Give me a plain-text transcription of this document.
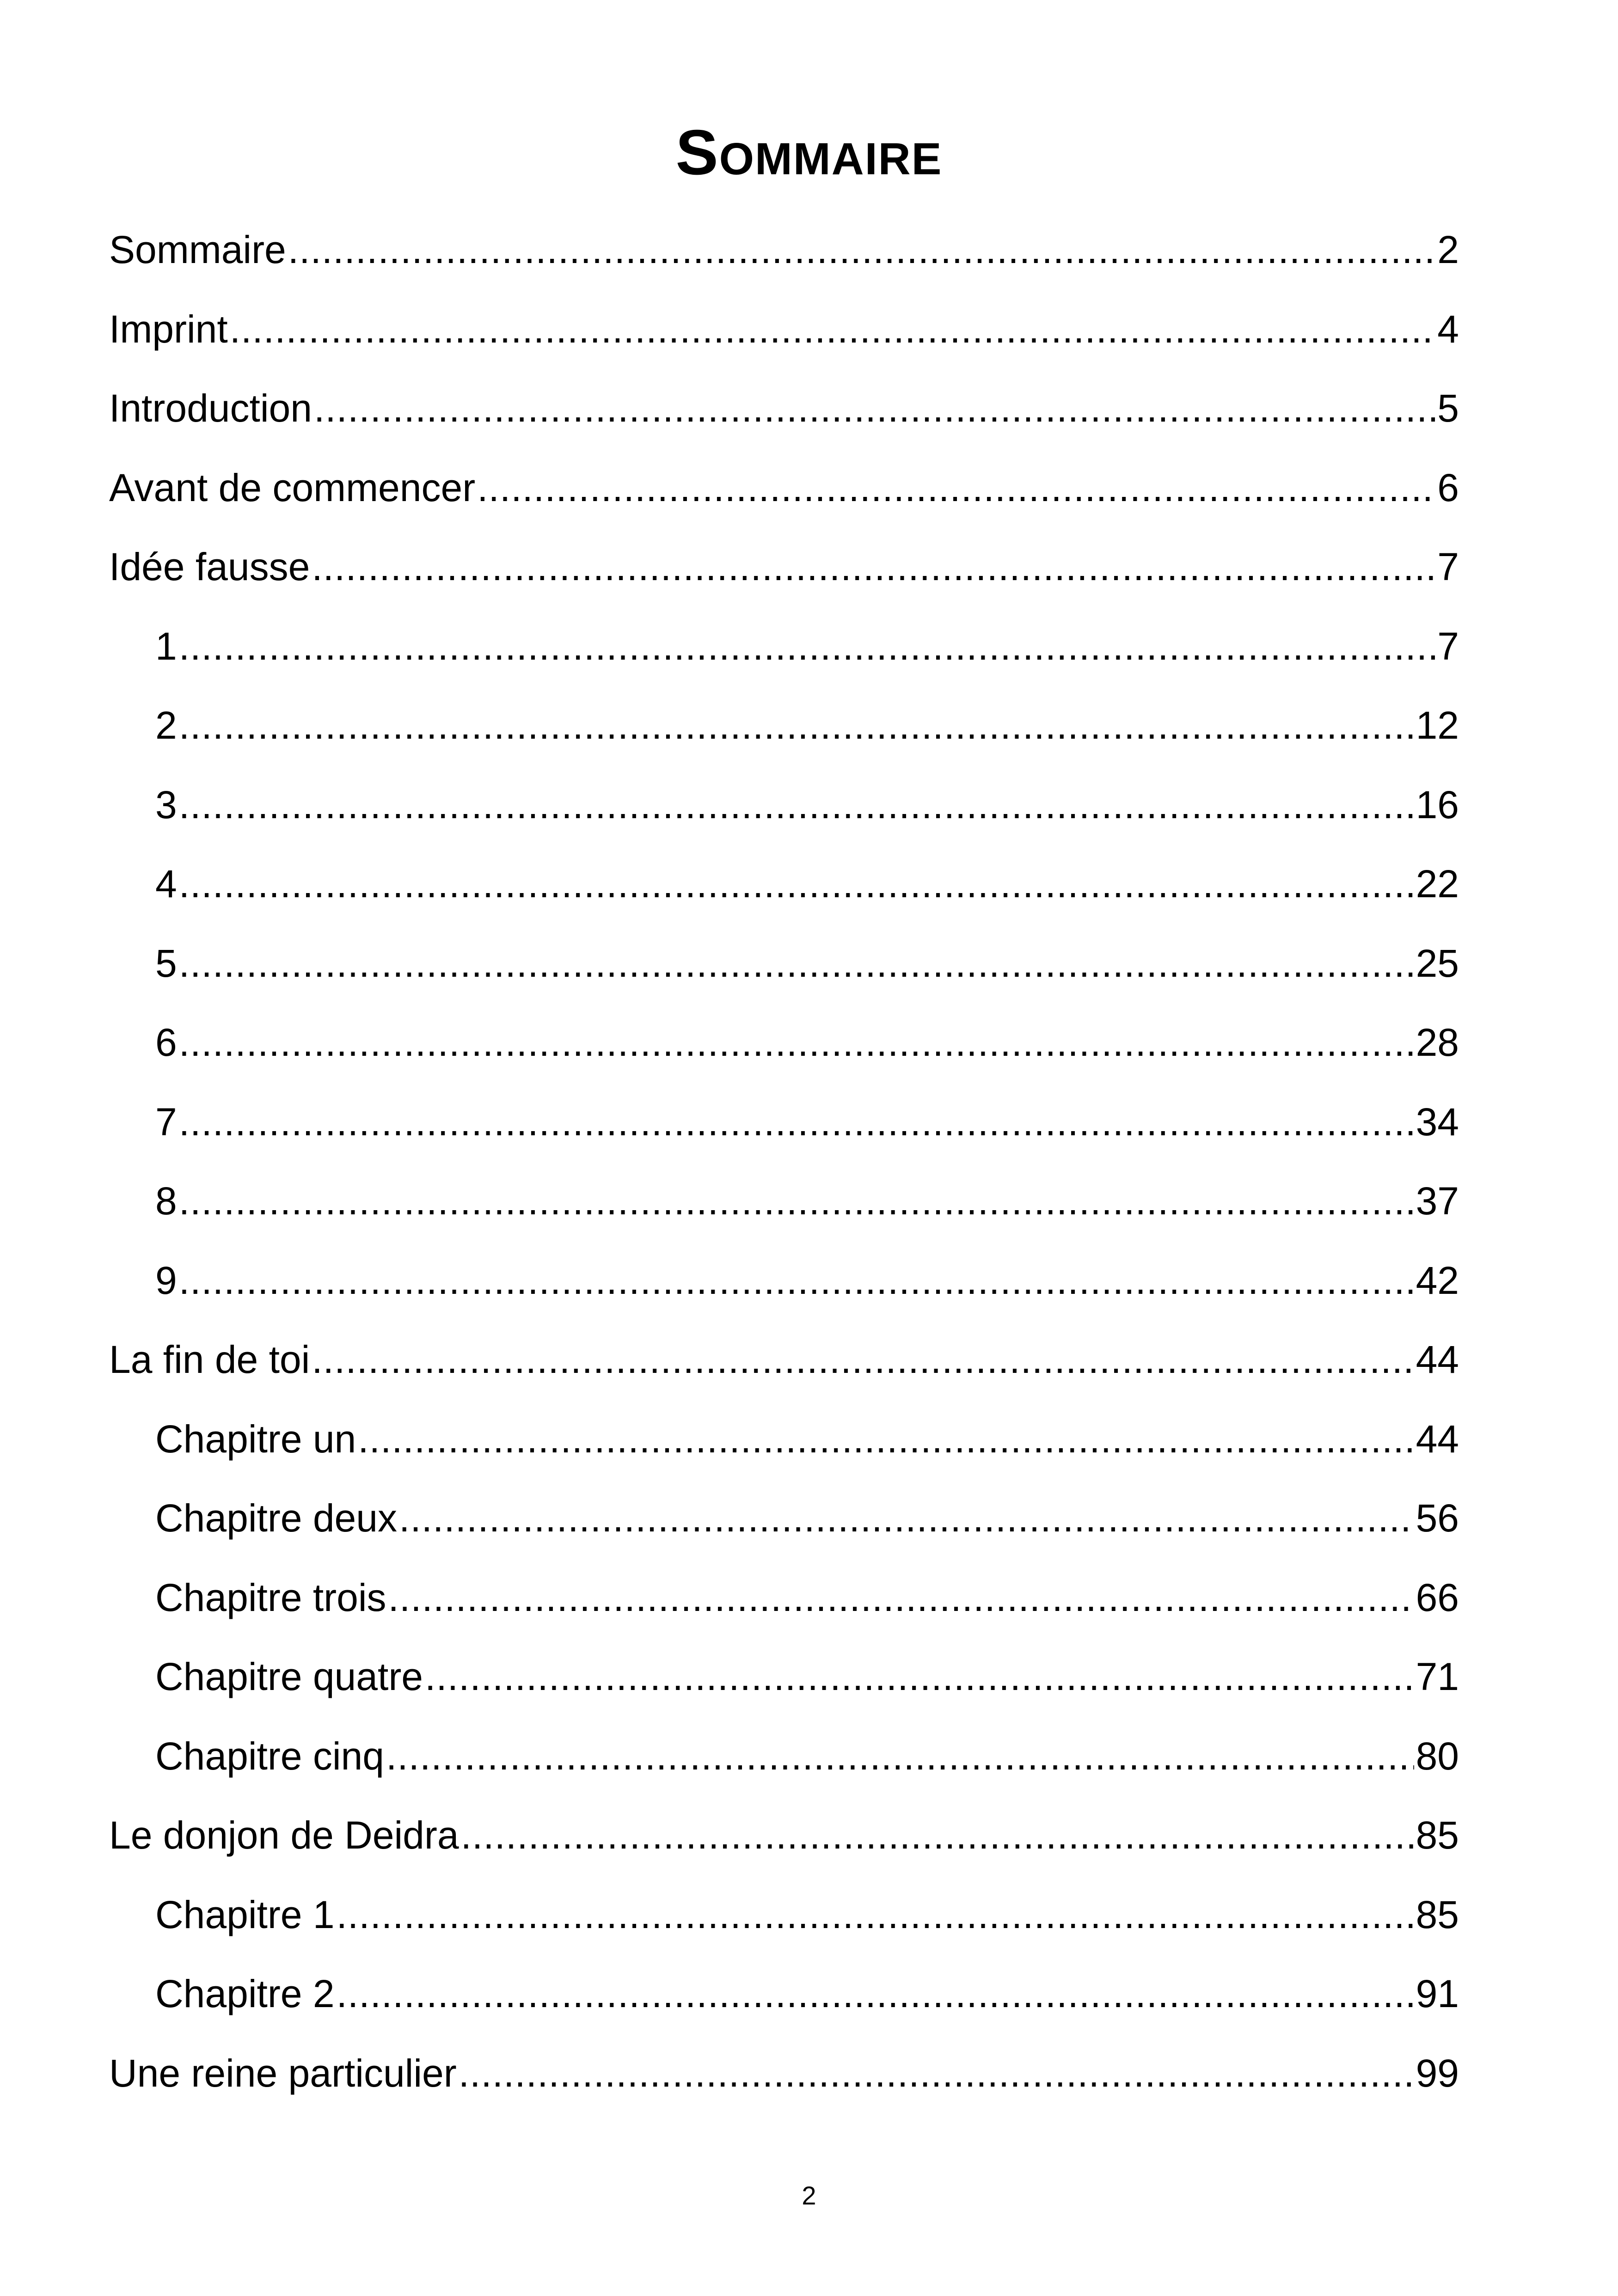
Sommaire
Sommaire .....	2
Imprint .....	4
Introduction .....	5
Avant de commencer .....	6
Idée fausse .....	7
1 .....	7
2 .....	12
3 .....	16
4 .....	22
5 .....	25
6 .....	28
7 .....	34
8 .....	37
9 .....	42
La fin de toi .....	44
Chapitre un .....	44
Chapitre deux .....	56
Chapitre trois .....	66
Chapitre quatre .....	71
Chapitre cinq .....	80
Le donjon de Deidra .....	85
Chapitre 1 .....	85
Chapitre 2 .....	91
Une reine particulier .....	99
2
